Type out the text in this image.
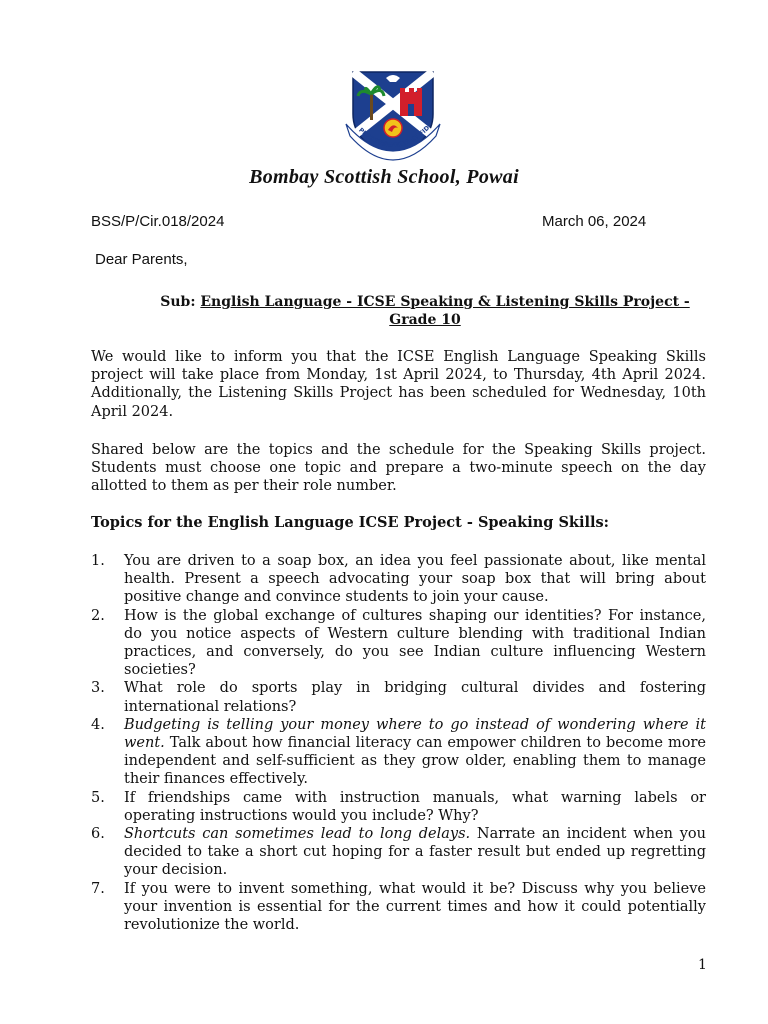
PERSEVERANTIA ET FID
Bombay Scottish School, Powai
BSS/P/Cir.018/2024	March 06, 2024
Dear Parents,
Sub: English Language - ICSE Speaking & Listening Skills Project -
Grade 10

We would like to inform you that the ICSE English Language Speaking Skills project will take place from Monday, 1st April 2024, to Thursday, 4th April 2024. Additionally, the Listening Skills Project has been scheduled for Wednesday, 10th April 2024.

Shared below are the topics and the schedule for the Speaking Skills project. Students must choose one topic and prepare a two-minute speech on the day allotted to them as per their role number.

Topics for the English Language ICSE Project - Speaking Skills:
1. You are driven to a soap box, an idea you feel passionate about, like mental health. Present a speech advocating your soap box that will bring about positive change and convince students to join your cause.
2. How is the global exchange of cultures shaping our identities? For instance, do you notice aspects of Western culture blending with traditional Indian practices, and conversely, do you see Indian culture influencing Western societies?
3. What role do sports play in bridging cultural divides and fostering international relations?
4. Budgeting is telling your money where to go instead of wondering where it went. Talk about how financial literacy can empower children to become more independent and self-sufficient as they grow older, enabling them to manage their finances effectively.
5. If friendships came with instruction manuals, what warning labels or operating instructions would you include? Why?
6. Shortcuts can sometimes lead to long delays. Narrate an incident when you decided to take a short cut hoping for a faster result but ended up regretting your decision.
7. If you were to invent something, what would it be? Discuss why you believe your invention is essential for the current times and how it could potentially revolutionize the world.
1
